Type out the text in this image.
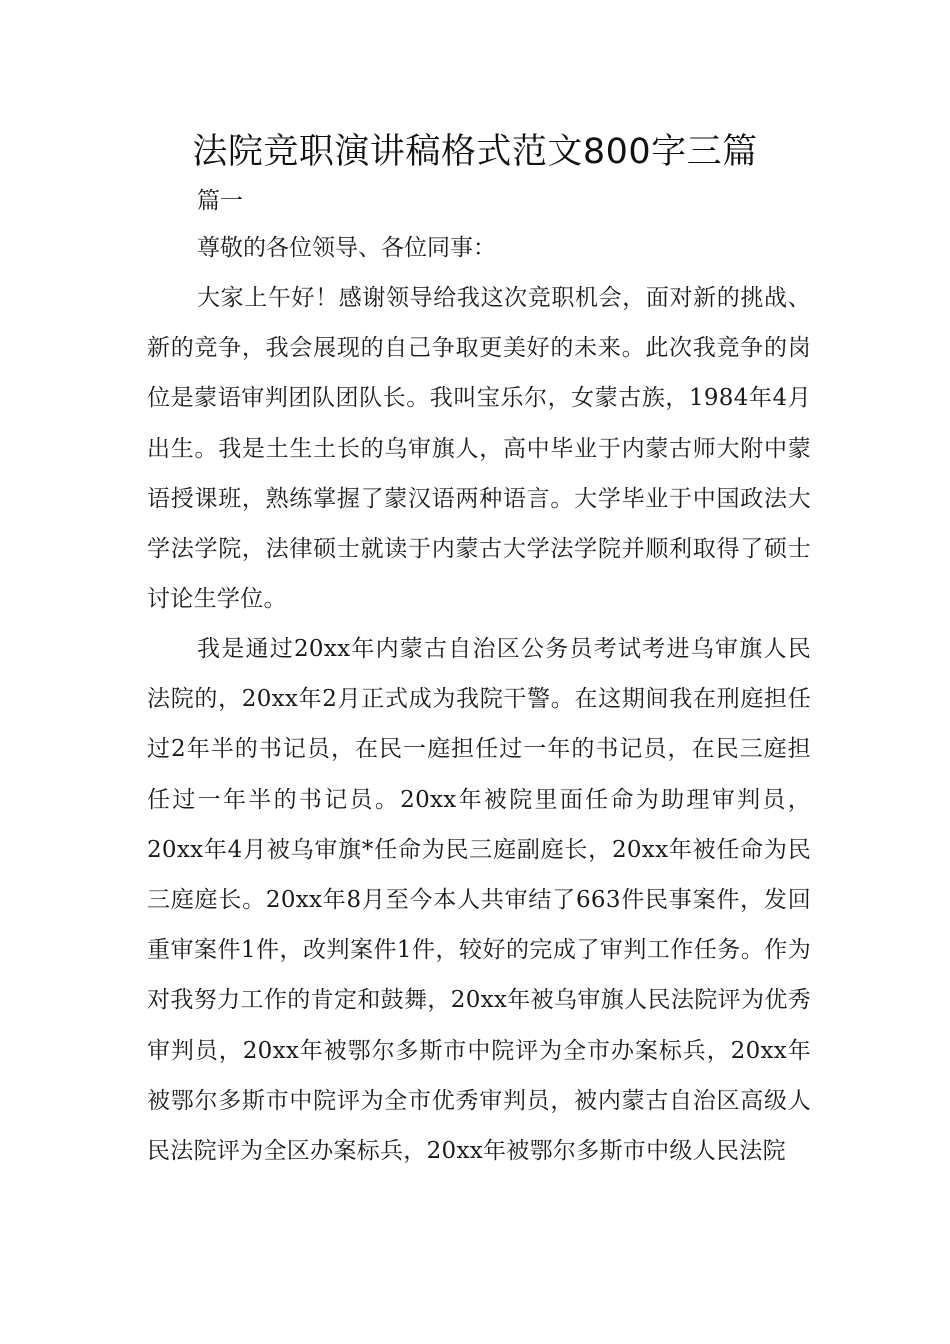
法院竞职演讲稿格式范文800字三篇

篇一

尊敬的各位领导、各位同事：

大家上午好！感谢领导给我这次竞职机会，面对新的挑战、新的竞争，我会展现的自己争取更美好的未来。此次我竞争的岗位是蒙语审判团队团队长。我叫宝乐尔，女蒙古族，1984年4月出生。我是土生土长的乌审旗人，高中毕业于内蒙古师大附中蒙语授课班，熟练掌握了蒙汉语两种语言。大学毕业于中国政法大学法学院，法律硕士就读于内蒙古大学法学院并顺利取得了硕士讨论生学位。

我是通过20xx年内蒙古自治区公务员考试考进乌审旗人民法院的，20xx年2月正式成为我院干警。在这期间我在刑庭担任过2年半的书记员，在民一庭担任过一年的书记员，在民三庭担任过一年半的书记员。20xx年被院里面任命为助理审判员，20xx年4月被乌审旗*任命为民三庭副庭长，20xx年被任命为民三庭庭长。20xx年8月至今本人共审结了663件民事案件，发回重审案件1件，改判案件1件，较好的完成了审判工作任务。作为对我努力工作的肯定和鼓舞，20xx年被乌审旗人民法院评为优秀审判员，20xx年被鄂尔多斯市中院评为全市办案标兵，20xx年被鄂尔多斯市中院评为全市优秀审判员，被内蒙古自治区高级人民法院评为全区办案标兵，20xx年被鄂尔多斯市中级人民法院
